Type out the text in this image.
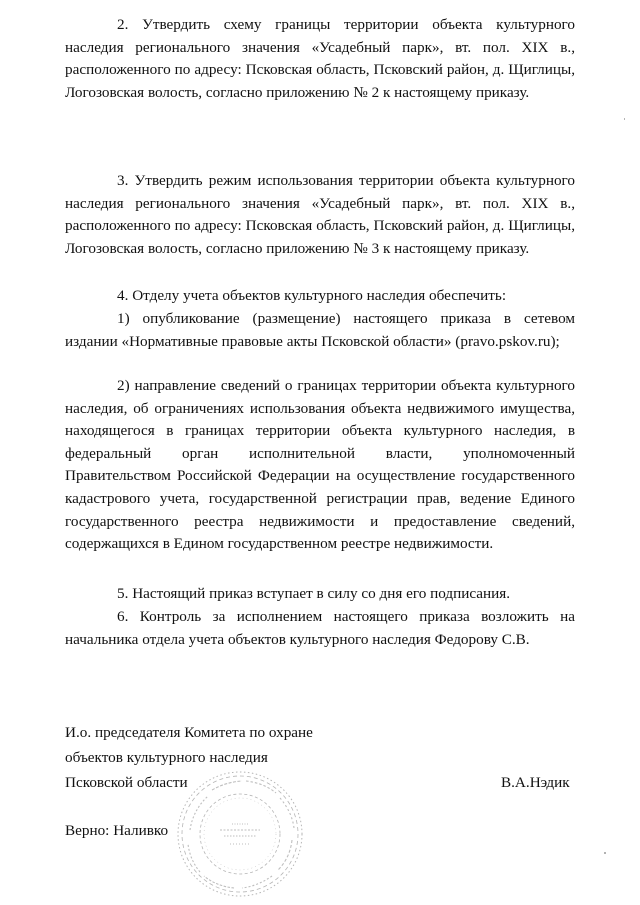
2. Утвердить схему границы территории объекта культурного наследия регионального значения «Усадебный парк», вт. пол. XIX в., расположенного по адресу: Псковская область, Псковский район, д. Щиглицы, Логозовская волость, согласно приложению № 2 к настоящему приказу.

3. Утвердить режим использования территории объекта культурного наследия регионального значения «Усадебный парк», вт. пол. XIX в., расположенного по адресу: Псковская область, Псковский район, д. Щиглицы, Логозовская волость, согласно приложению № 3 к настоящему приказу.

4. Отделу учета объектов культурного наследия обеспечить:

1) опубликование (размещение) настоящего приказа в сетевом издании «Нормативные правовые акты Псковской области» (pravo.pskov.ru);

2) направление сведений о границах территории объекта культурного наследия, об ограничениях использования объекта недвижимого имущества, находящегося в границах территории объекта культурного наследия, в федеральный орган исполнительной власти, уполномоченный Правительством Российской Федерации на осуществление государственного кадастрового учета, государственной регистрации прав, ведение Единого государственного реестра недвижимости и предоставление сведений, содержащихся в Едином государственном реестре недвижимости.

5. Настоящий приказ вступает в силу со дня его подписания.

6. Контроль за исполнением настоящего приказа возложить на начальника отдела учета объектов культурного наследия Федорову С.В.

И.о. председателя Комитета по охране
объектов культурного наследия
Псковской области	В.А.Нэдик
Верно: Наливко
